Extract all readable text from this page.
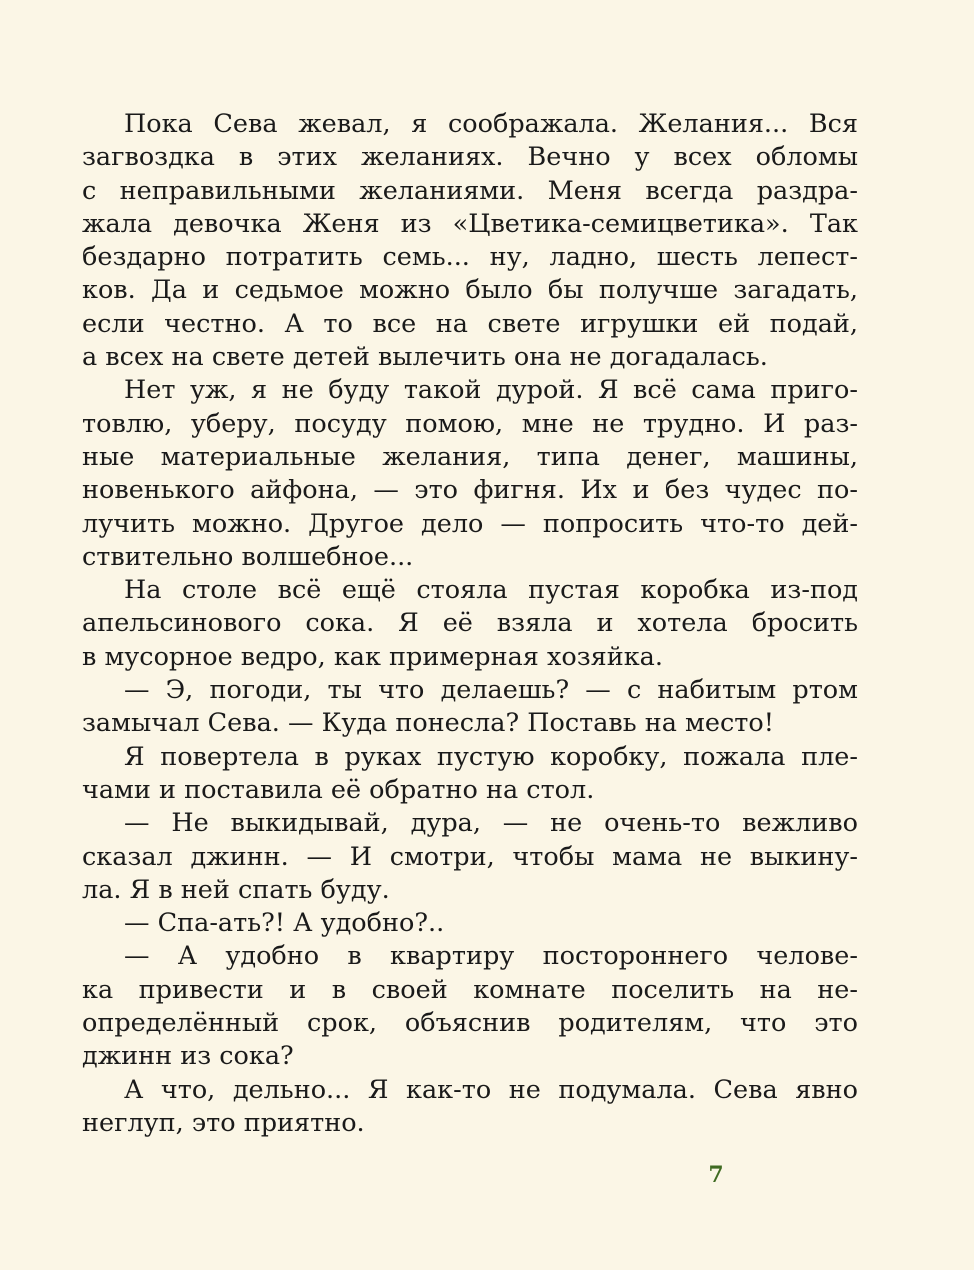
Пока Сева жевал, я соображала. Желания... Вся
загвоздка в этих желаниях. Вечно у всех обломы
с неправильными желаниями. Меня всегда раздра-
жала девочка Женя из «Цветика-семицветика». Так
бездарно потратить семь... ну, ладно, шесть лепест-
ков. Да и седьмое можно было бы получше загадать,
если честно. А то все на свете игрушки ей подай,
а всех на свете детей вылечить она не догадалась.
Нет уж, я не буду такой дурой. Я всё сама приго-
товлю, уберу, посуду помою, мне не трудно. И раз-
ные материальные желания, типа денег, машины,
новенького айфона, — это фигня. Их и без чудес по-
лучить можно. Другое дело — попросить что-то дей-
ствительно волшебное...
На столе всё ещё стояла пустая коробка из-под
апельсинового сока. Я её взяла и хотела бросить
в мусорное ведро, как примерная хозяйка.
— Э, погоди, ты что делаешь? — с набитым ртом
замычал Сева. — Куда понесла? Поставь на место!
Я повертела в руках пустую коробку, пожала пле-
чами и поставила её обратно на стол.
— Не выкидывай, дура, — не очень-то вежливо
сказал джинн. — И смотри, чтобы мама не выкину-
ла. Я в ней спать буду.
— Спа-ать?! А удобно?..
— А удобно в квартиру постороннего челове-
ка привести и в своей комнате поселить на не-
определённый срок, объяснив родителям, что это
джинн из сока?
А что, дельно... Я как-то не подумала. Сева явно
неглуп, это приятно.
7
